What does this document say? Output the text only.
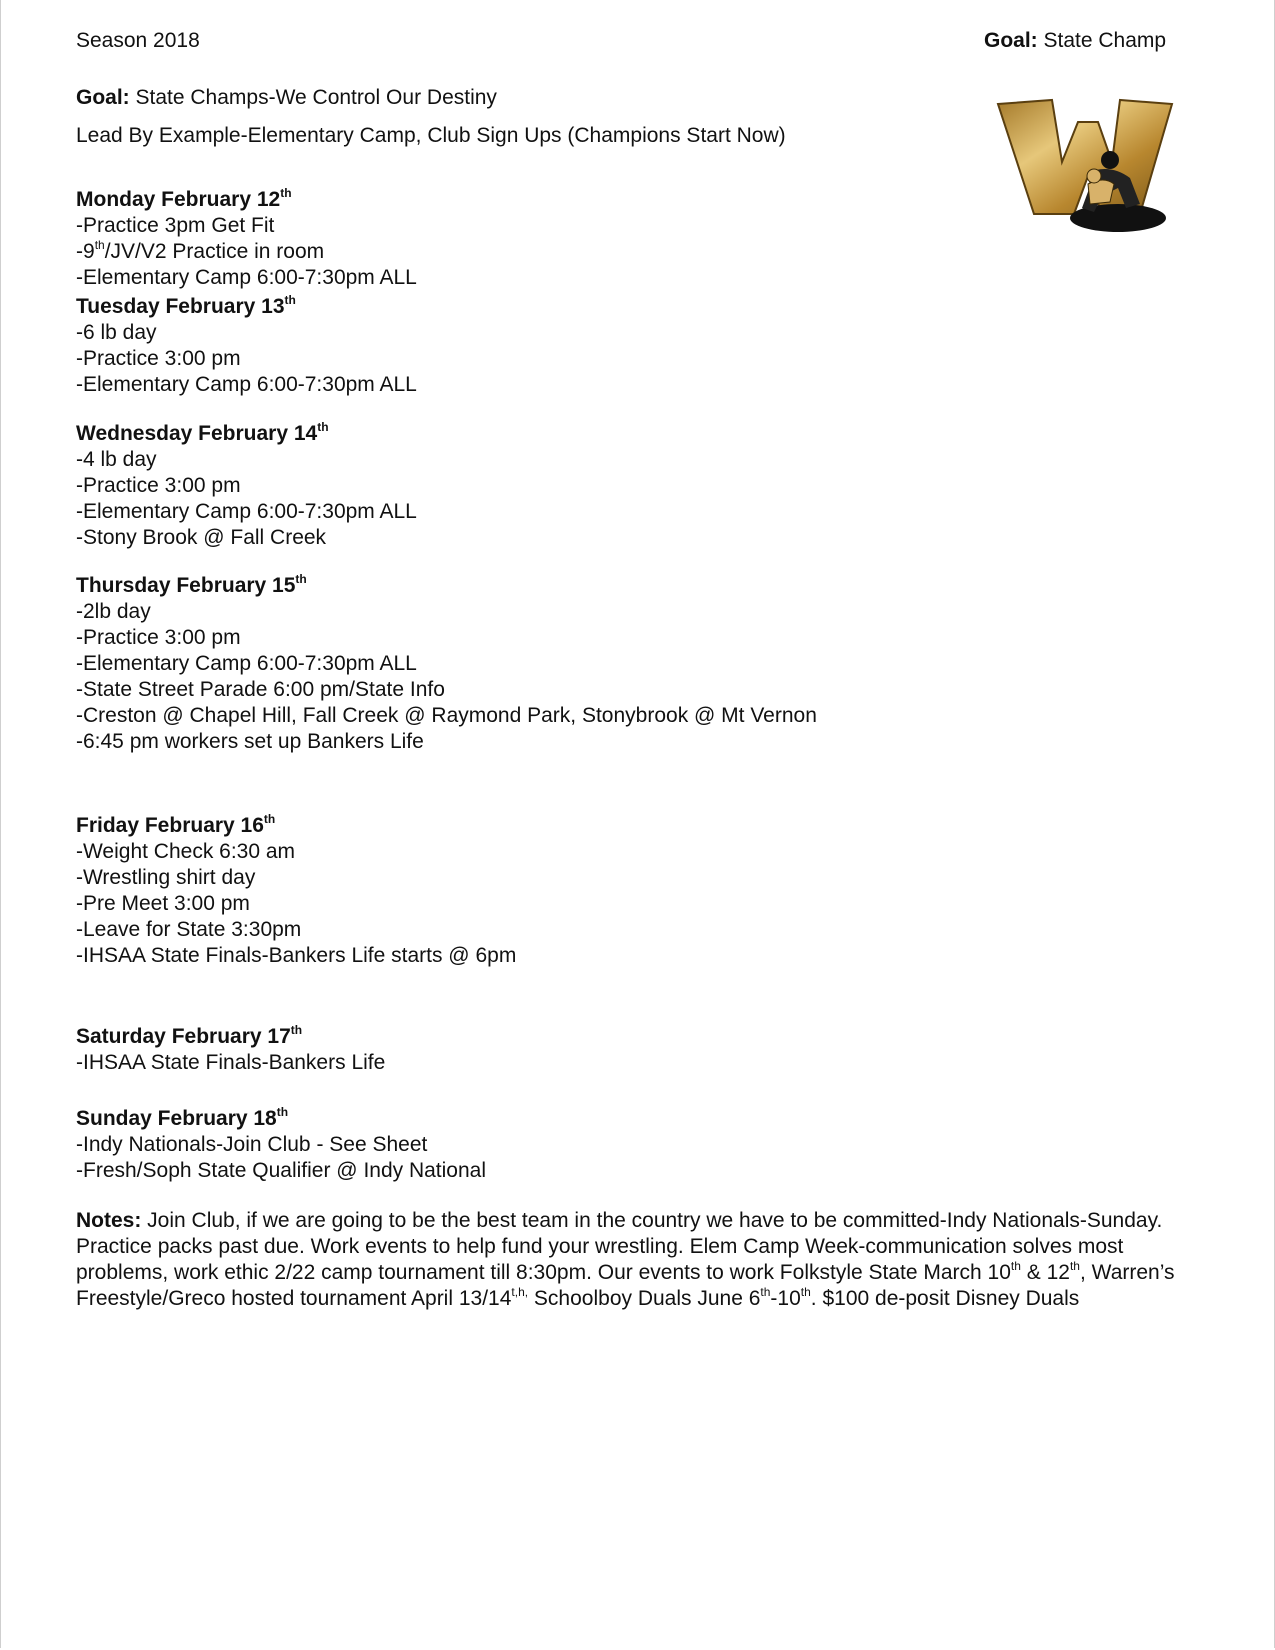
Season 2018	Goal: State Champ
Goal: State Champs-We Control Our Destiny
Lead By Example-Elementary Camp, Club Sign Ups (Champions Start Now)
Monday February 12th
-Practice 3pm Get Fit
-9th/JV/V2 Practice in room
-Elementary Camp 6:00-7:30pm ALL
Tuesday February 13th
-6 lb day
-Practice 3:00 pm
-Elementary Camp 6:00-7:30pm ALL
Wednesday February 14th
-4 lb day
-Practice 3:00 pm
-Elementary Camp 6:00-7:30pm ALL
-Stony Brook @ Fall Creek
Thursday February 15th
-2lb day
-Practice 3:00 pm
-Elementary Camp 6:00-7:30pm ALL
-State Street Parade 6:00 pm/State Info
-Creston @ Chapel Hill, Fall Creek @ Raymond Park, Stonybrook @ Mt Vernon
-6:45 pm workers set up Bankers Life
Friday February 16th
-Weight Check 6:30 am
-Wrestling shirt day
-Pre Meet 3:00 pm
-Leave for State 3:30pm
-IHSAA State Finals-Bankers Life starts @ 6pm
Saturday February 17th
-IHSAA State Finals-Bankers Life
Sunday February 18th
-Indy Nationals-Join Club - See Sheet
-Fresh/Soph State Qualifier @ Indy National
Notes: Join Club, if we are going to be the best team in the country we have to be committed-Indy Nationals-Sunday. Practice packs past due. Work events to help fund your wrestling. Elem Camp Week-communication solves most problems, work ethic 2/22 camp tournament till 8:30pm. Our events to work Folkstyle State March 10th & 12th, Warren’s Freestyle/Greco hosted tournament April $13/14^{t,h,}$ Schoolboy Duals June 6th-10th. $100 de-posit Disney Duals
